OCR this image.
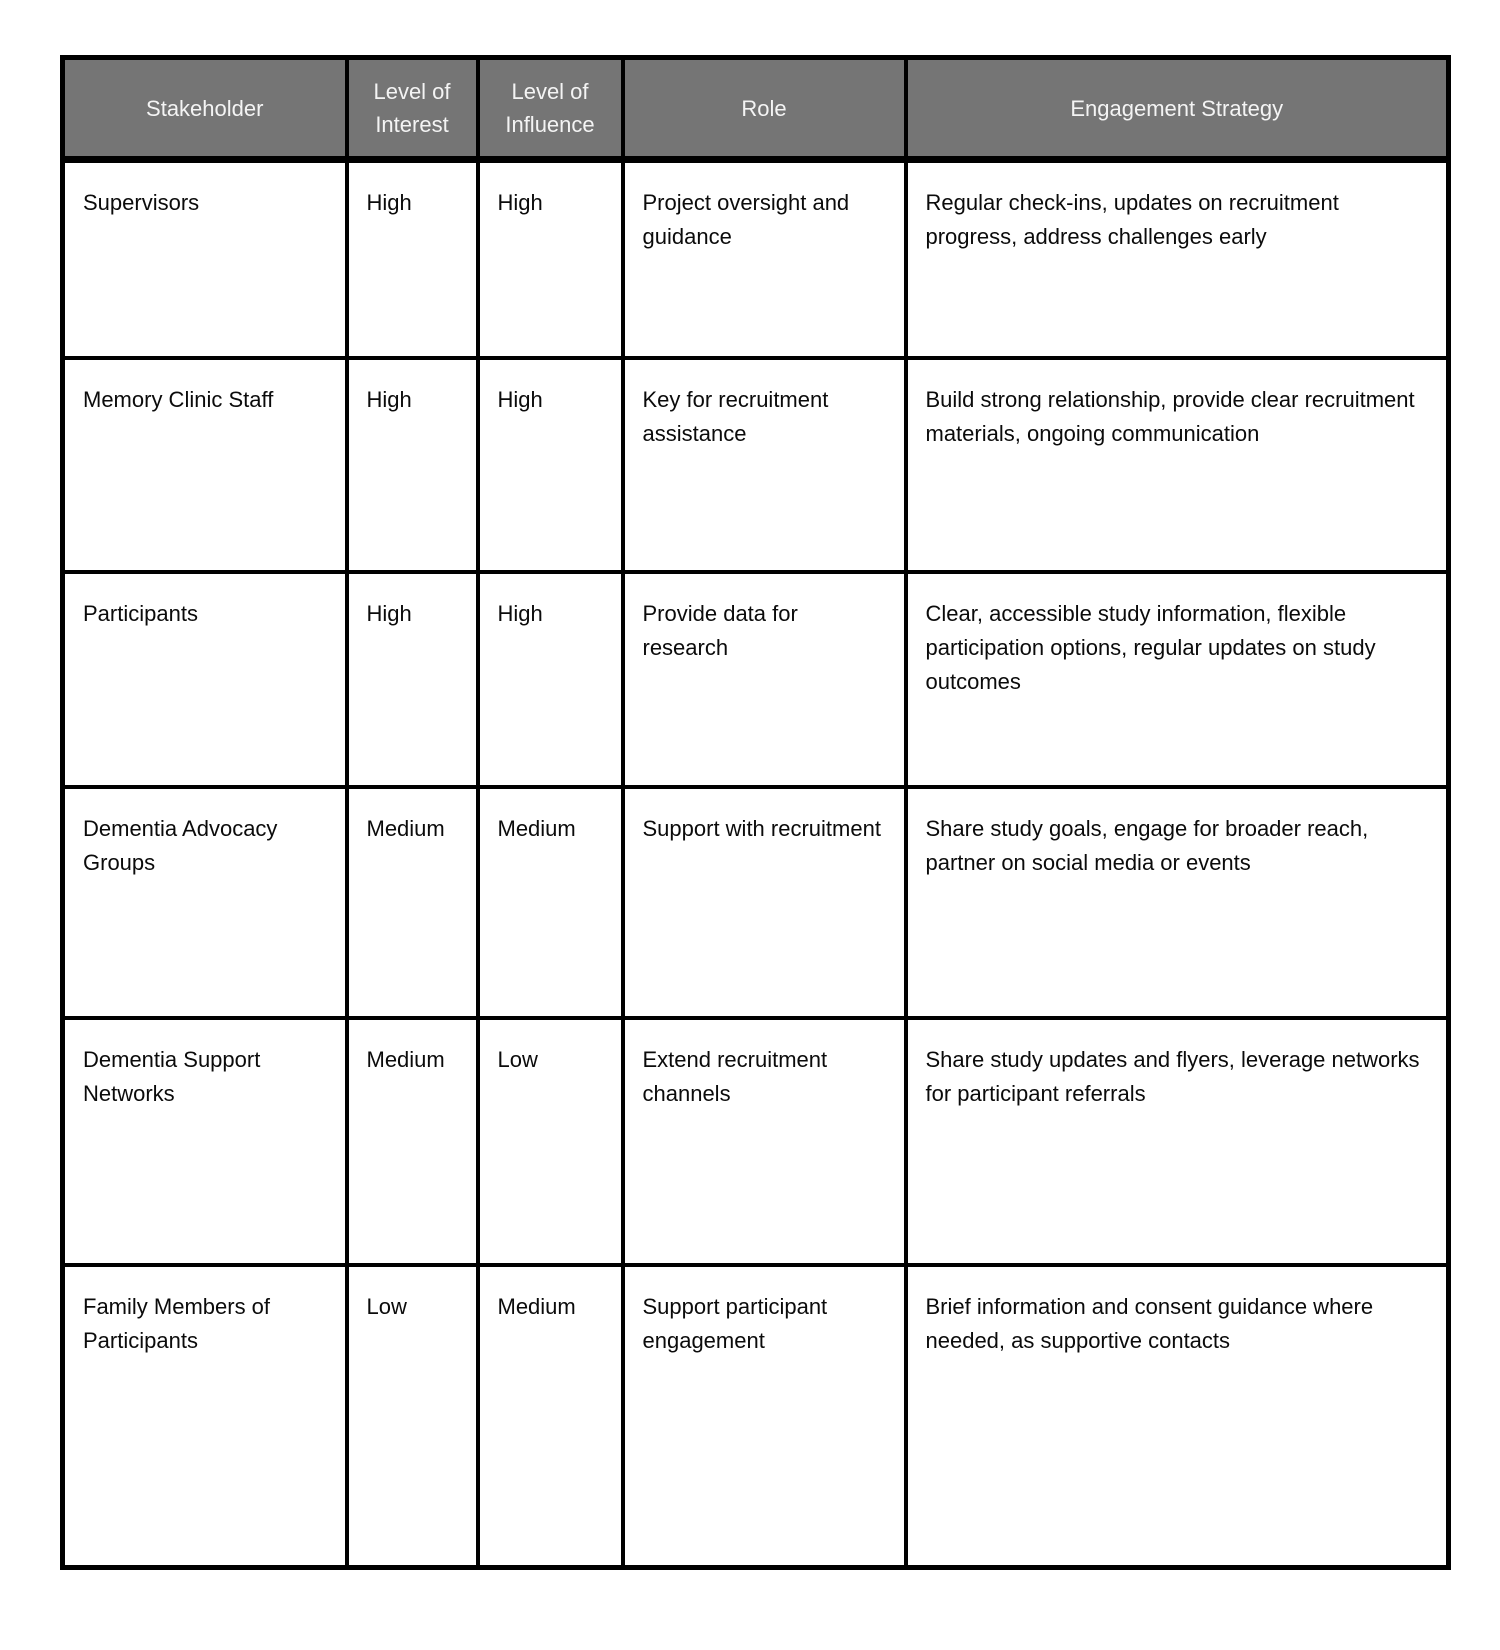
Stakeholder	Level of Interest	Level of Influence	Role	Engagement Strategy
Supervisors	High	High	Project oversight and guidance	Regular check-ins, updates on recruitment progress, address challenges early
Memory Clinic Staff	High	High	Key for recruitment assistance	Build strong relationship, provide clear recruitment materials, ongoing communication
Participants	High	High	Provide data for research	Clear, accessible study information, flexible participation options, regular updates on study outcomes
Dementia Advocacy Groups	Medium	Medium	Support with recruitment	Share study goals, engage for broader reach, partner on social media or events
Dementia Support Networks	Medium	Low	Extend recruitment channels	Share study updates and flyers, leverage networks for participant referrals
Family Members of Participants	Low	Medium	Support participant engagement	Brief information and consent guidance where needed, as supportive contacts
